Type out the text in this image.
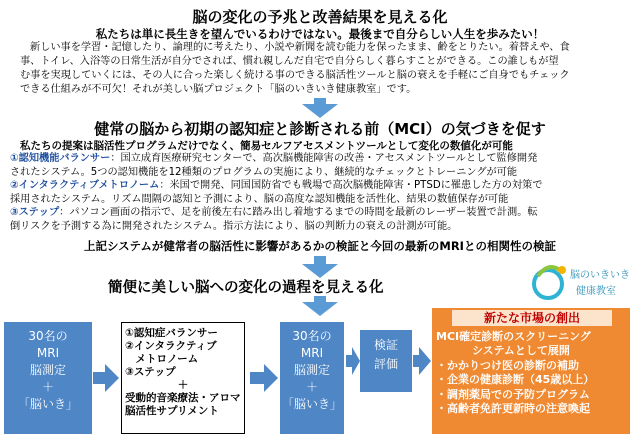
脳の変化の予兆と改善結果を見える化
私たちは単に長生きを望んでいるわけではない。最後まで自分らしい人生を歩みたい！
新しい事を学習・記憶したり、論理的に考えたり、小説や新聞を読む能力を保ったまま、齢をとりたい。着替えや、食
事、トイレ、入浴等の日常生活が自分でされば、慣れ親しんだ自宅で自分らしく暮らすことができる。この誰しもが望
む事を実現していくには、その人に合った楽しく続ける事のできる脳活性ツールと脳の衰えを手軽にご自身でもチェック
できる仕組みが不可欠！それが美しい脳プロジェクト「脳のいきいき健康教室」です。
健常の脳から初期の認知症と診断される前（MCI）の気づきを促す
私たちの提案は脳活性プログラムだけでなく、簡易セルフアセスメントツールとして変化の数値化が可能

①認知機能バランサー：国立成育医療研究センターで、高次脳機能障害の改善・アセスメントツールとして監修開発

されたシステム。5つの認知機能を12種類のプログラムの実施により、継続的なチェックとトレーニングが可能

②インタラクティブメトロノーム：米国で開発、同国国防省でも戦場で高次脳機能障害・PTSDに罹患した方の対策で

採用されたシステム。リズム間隔の認知と予測により、脳の高度な認知機能を活性化、結果の数値保存が可能

③ステップ：パソコン画面の指示で、足を前後左右に踏み出し着地するまでの時間を最新のレーザー装置で計測。転

倒リスクを予測する為に開発されたシステム。指示方法により、脳の判断力の衰えの計測が可能。

上記システムが健常者の脳活性に影響があるかの検証と今回の最新のMRIとの相関性の検証
簡便に美しい脳への変化の過程を見える化
脳のいきいき
健康教室
30名の
MRI
脳測定
＋
「脳いき」

①認知症バランサー

②インタラクティブ

　メトロノーム

③ステップ

＋

受動的音楽療法・アロマ

脳活性サプリメント

30名の
MRI
脳測定
＋
「脳いき」
検証
評価
新たな市場の創出

MCI確定診断のスクリーニング

システムとして展開

・かかりつけ医の診断の補助

・企業の健康診断（45歳以上）

・調剤薬局での予防プログラム

・高齢者免許更新時の注意喚起
